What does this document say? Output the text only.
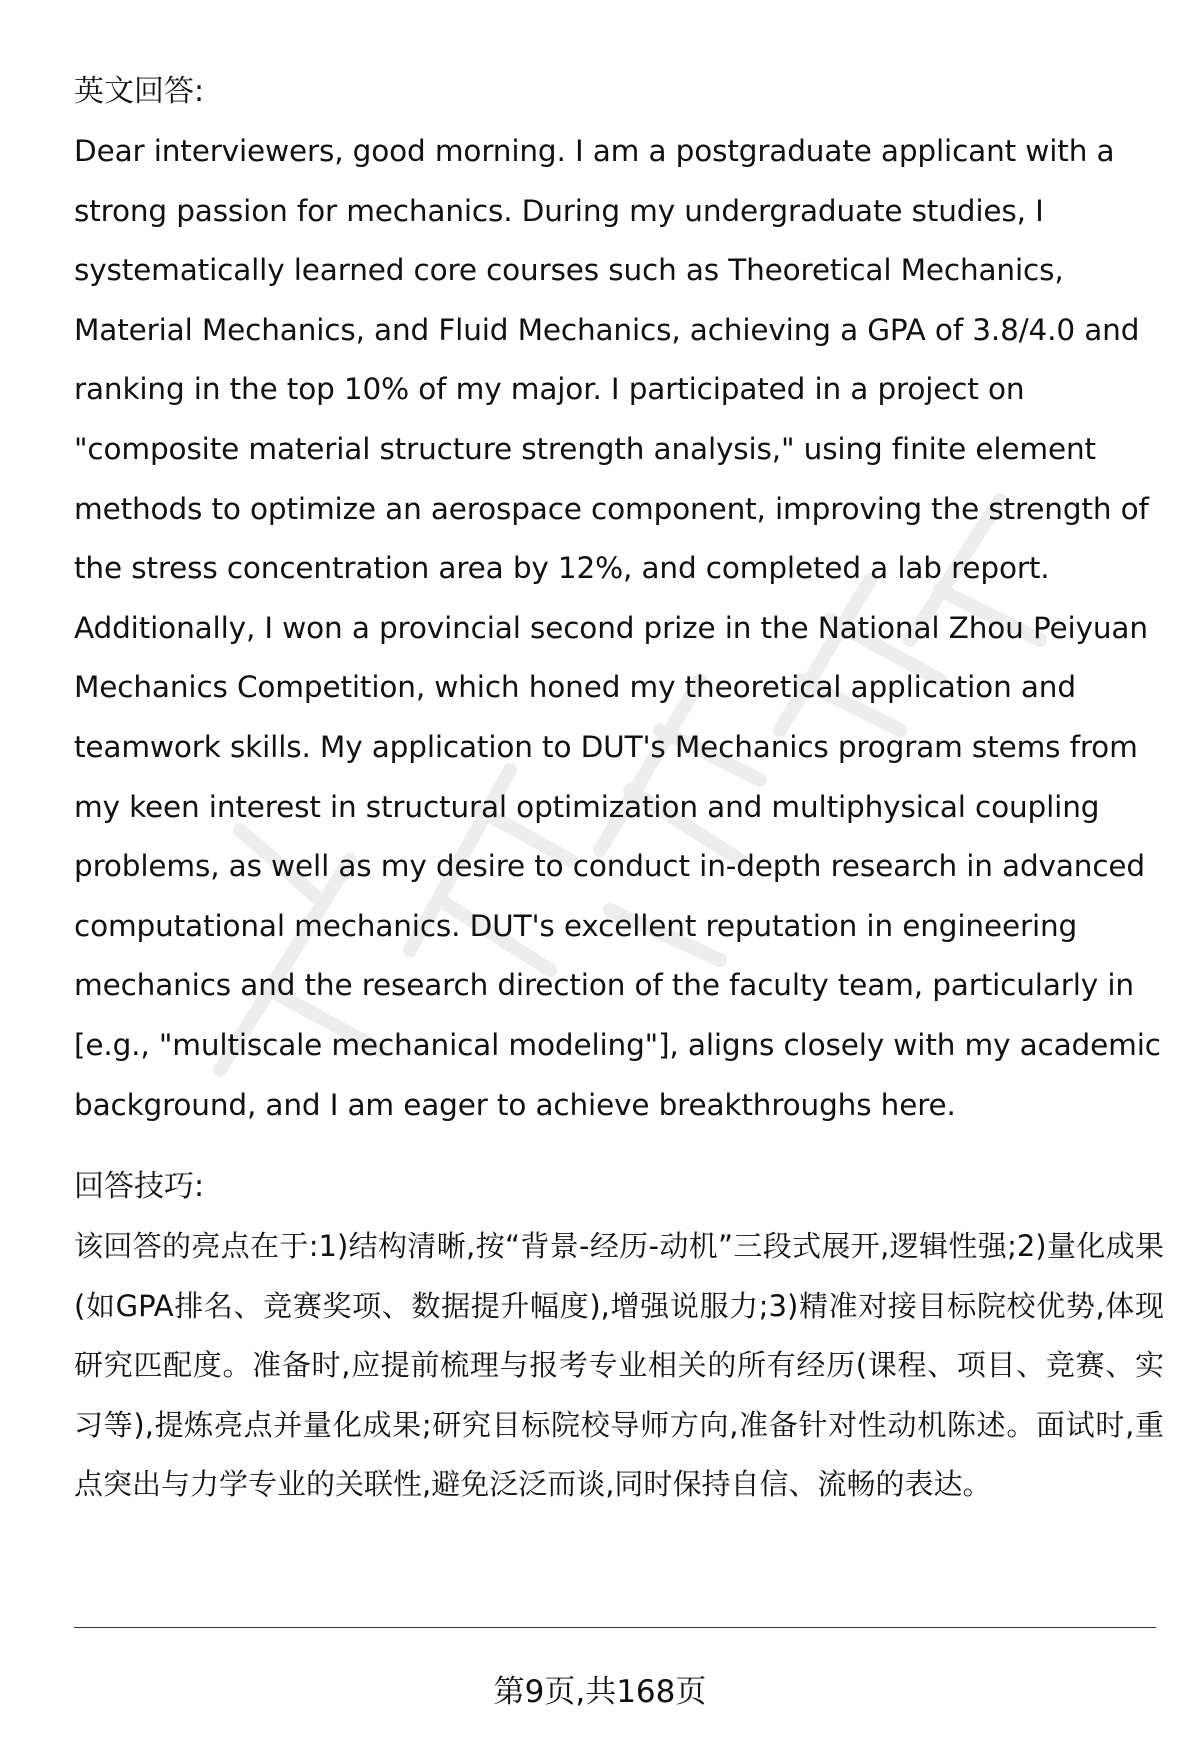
英文回答:

Dear interviewers, good morning. I am a postgraduate applicant with a strong passion for mechanics. During my undergraduate studies, I systematically learned core courses such as Theoretical Mechanics, Material Mechanics, and Fluid Mechanics, achieving a GPA of 3.8/4.0 and ranking in the top 10% of my major. I participated in a project on "composite material structure strength analysis," using finite element methods to optimize an aerospace component, improving the strength of the stress concentration area by 12%, and completed a lab report. Additionally, I won a provincial second prize in the National Zhou Peiyuan Mechanics Competition, which honed my theoretical application and teamwork skills. My application to DUT's Mechanics program stems from my keen interest in structural optimization and multiphysical coupling problems, as well as my desire to conduct in-depth research in advanced computational mechanics. DUT's excellent reputation in engineering mechanics and the research direction of the faculty team, particularly in [e.g., "multiscale mechanical modeling"], aligns closely with my academic background, and I am eager to achieve breakthroughs here.

回答技巧:

该回答的亮点在于:1)结构清晰,按“背景-经历-动机”三段式展开,逻辑性强;2)量化成果(如GPA排名、竞赛奖项、数据提升幅度),增强说服力;3)精准对接目标院校优势,体现研究匹配度。准备时,应提前梳理与报考专业相关的所有经历(课程、项目、竞赛、实习等),提炼亮点并量化成果;研究目标院校导师方向,准备针对性动机陈述。面试时,重点突出与力学专业的关联性,避免泛泛而谈,同时保持自信、流畅的表达。

第9页,共168页
